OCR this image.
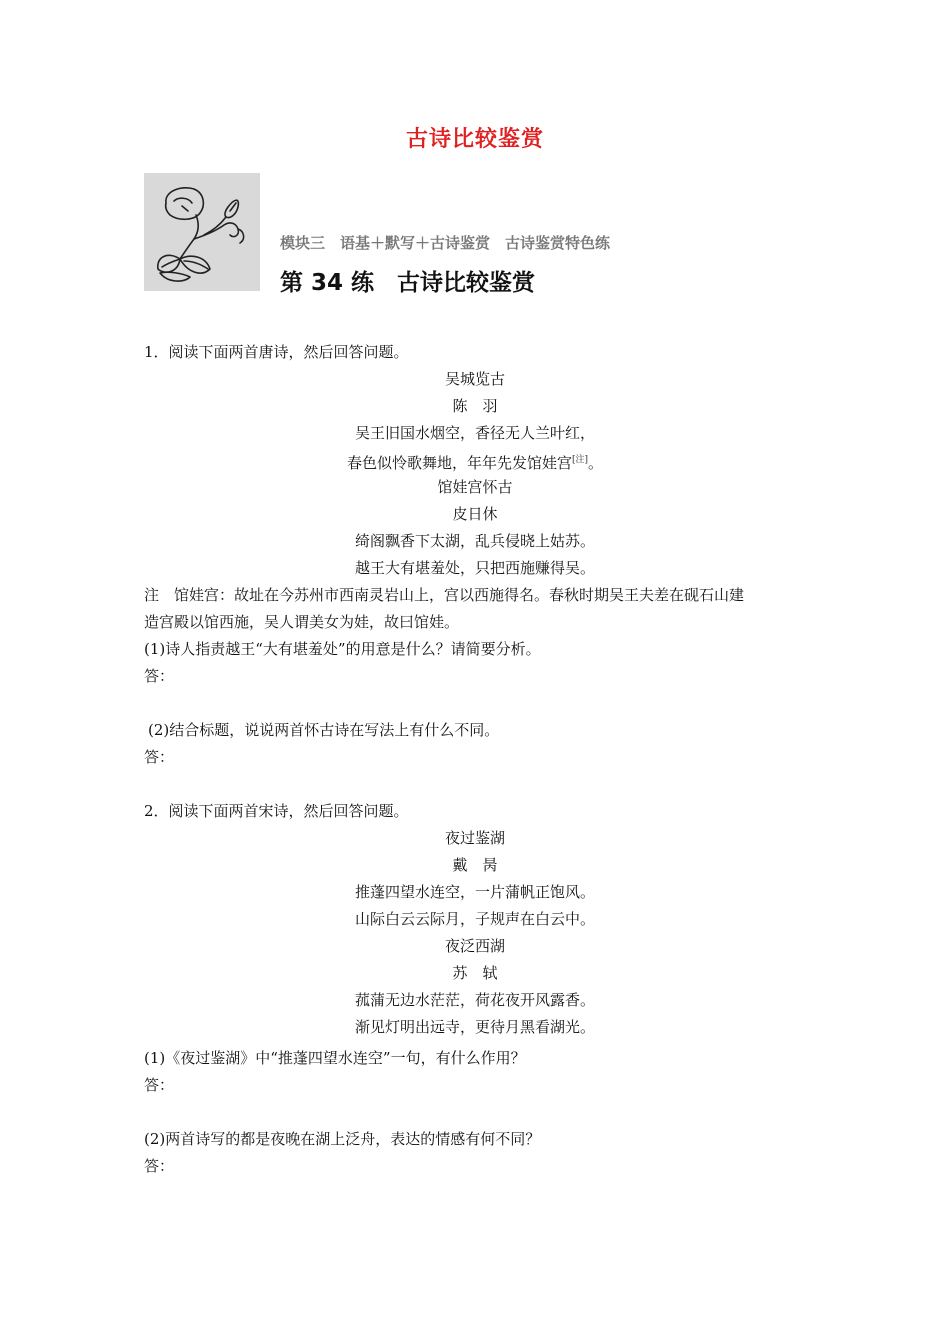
古诗比较鉴赏
模块三　语基＋默写＋古诗鉴赏　古诗鉴赏特色练
第 34 练　古诗比较鉴赏
1．阅读下面两首唐诗，然后回答问题。
吴城览古
陈　羽
吴王旧国水烟空，香径无人兰叶红，
春色似怜歌舞地，年年先发馆娃宫[注]。
馆娃宫怀古
皮日休
绮阁飘香下太湖，乱兵侵晓上姑苏。
越王大有堪羞处，只把西施赚得吴。
注　馆娃宫：故址在今苏州市西南灵岩山上，宫以西施得名。春秋时期吴王夫差在砚石山建
造宫殿以馆西施，吴人谓美女为娃，故曰馆娃。
(1)诗人指责越王“大有堪羞处”的用意是什么？请简要分析。
答：
(2)结合标题，说说两首怀古诗在写法上有什么不同。
答：
2．阅读下面两首宋诗，然后回答问题。
夜过鉴湖
戴　昺
推蓬四望水连空，一片蒲帆正饱风。
山际白云云际月，子规声在白云中。
夜泛西湖
苏　轼
菰蒲无边水茫茫，荷花夜开风露香。
渐见灯明出远寺，更待月黑看湖光。
(1)《夜过鉴湖》中“推蓬四望水连空”一句，有什么作用？
答：
(2)两首诗写的都是夜晚在湖上泛舟，表达的情感有何不同？
答：
